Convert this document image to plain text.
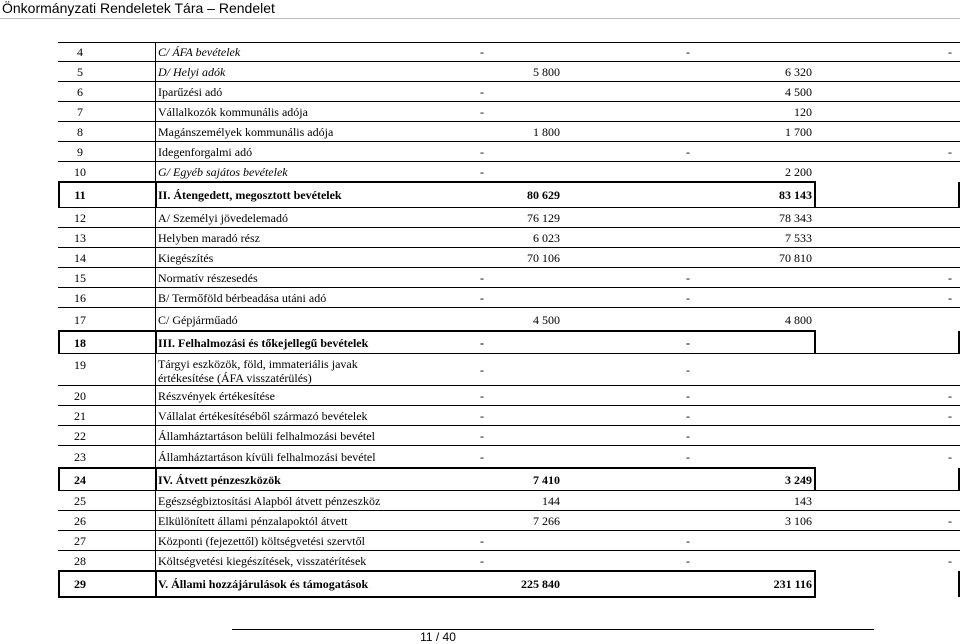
Önkormányzati Rendeletek Tára – Rendelet
4	C/ ÁFA bevételek	-	-	-
5	D/ Helyi adók	5 800	6 320
6	Iparűzési adó	-	4 500
7	Vállalkozók kommunális adója	-	120
8	Magánszemélyek kommunális adója	1 800	1 700
9	Idegenforgalmi adó	-	-	-
10	G/ Egyéb sajátos bevételek	-	2 200
11	II. Átengedett, megosztott bevételek	80 629	83 143
12	A/ Személyi jövedelemadó	76 129	78 343
13	Helyben maradó rész	6 023	7 533
14	Kiegészítés	70 106	70 810
15	Normatív részesedés	-	-	-
16	B/ Termőföld bérbeadása utáni adó	-	-	-
17	C/ Gépjárműadó	4 500	4 800
18	III. Felhalmozási és tőkejellegű bevételek	-	-
19	Tárgyi eszközök, föld, immateriális javak
értékesítése (ÁFA visszatérülés)
-	-
20	Részvények értékesítése	-	-	-
21	Vállalat értékesítéséből származó bevételek	-	-	-
22	Államháztartáson belüli felhalmozási bevétel	-	-
23	Államháztartáson kívüli felhalmozási bevétel	-	-	-
24	IV. Átvett pénzeszközök	7 410	3 249
25	Egészségbiztosítási Alapból átvett pénzeszköz	144	143
26	Elkülönített állami pénzalapoktól átvett	7 266	3 106	-
27	Központi (fejezettől) költségvetési szervtől	-	-
28	Költségvetési kiegészítések, visszatérítések	-	-	-
29	V. Állami hozzájárulások és támogatások	225 840	231 116
11 / 40
